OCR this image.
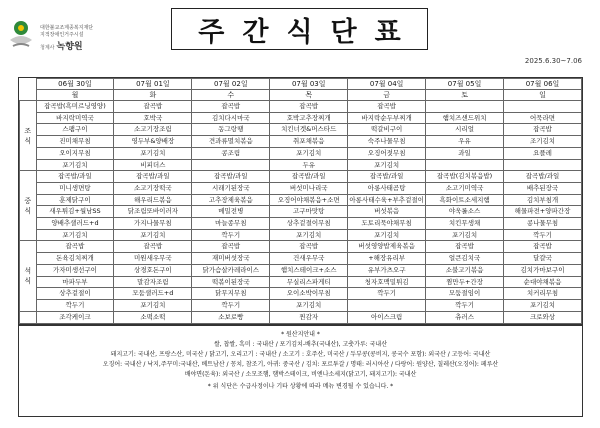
대한불교조계종복지재단
지적장애인거주시설
청계사 녹향원	주간식단표
2025.6.30~7.06
	06월 30일	07월 01일	07월 02일	07월 03일	07월 04일	07월 05일	07월 06일
	월	화	수	목	금	토	일

조
식	잡곡밥(흑미르닝영양)	잡곡밥	잡곡밥	잡곡밥	잡곡밥		
	바지락미역국	호박국	김치다시마국	호박고추장찌개	바지락순두부찌개	햄치즈샌드위치	어묵라면
	스팸구이	소고기장조림	동그랑땡	치킨너겟&머스타드	떡갈비구이	시리얼	잡곡밥
	진미채무침	영두부&양배장	견과류멸치볶음	취포채볶음	숙주나물무침	우유	조기김치
	오이지무침	포기김치	콩조림	포기김치	오징어젓무침	과일	요플레
	포기김치	비피더스		두유	포기김치		

중
식	잡곡밥/과일	잡곡밥/과일	잡곡밥/과일	잡곡밥/과일	잡곡밥/과일	잡곡밥(김치볶음밥)	잡곡밥/과일
	미니생면탕	소고기장떡국	시래기된장국	버섯미나리국	아롱사태곰탕	소고기미역국	배추된장국
	훈제닭구이	해우리드볶음	고추장제육볶음	오징어야채볶음+소면	아롱사태수육+부추겉절이	흑화이트소세지햄	김치부침개
	새우튀김+월남SS	닭조림또바이러자	메밀전병	고구마맛탕	버섯볶음	야욱롤소스	해물파전+양파간장
	양배추샐러드+d	가지나물무침	마늘종무침	상추겉절이무침	도토리묵야채무침	치킨무생채	콩나물무침
	포기김치	포기김치	깍두기	포기김치	포기김치	포기김치	깍두기

석
식	잡곡밥	잡곡밥	잡곡밥	잡곡밥	버섯영양밥제육볶음	잡곡밥	잡곡밥
	돈육김치찌개	미원새우무국	재미버섯장국	건새우무국	+해장유리부	얼큰김치국	달걀국
	가자미생선구이	상경호돈구이	닭가슴살카레라이스	햄치스테이크+소스	유부가츠오구	소불고기볶음	김치가마보구이
	마파두부	말감자조림	떡볶이된장국	무실리스파게티	청자호맥밀튀김	찜만두+간장	순대야채볶음
	상추겉절이	모둠샐러드+d	닭무지무침	오이소박이무침	깍두기	모둠절임이	치커리무침
	깍두기	포기김치	깍두기	포기김치		깍두기	포기김치
	조각케이크	소떡소떡	소보로빵	찐감자	아이스크림	츄러스	크로와상
* 원산지안내 *
쌀, 찹쌀, 흑미 : 국내산 / 포기김치-배추(국내산), 고춧가루: 국내산
돼지고기: 국내산, 프랑스산, 미국산 / 닭고기, 오리고기 : 국내산 / 소고기 : 호주산, 미국산 / 두부콩(콩비지, 콩국수 포함): 외국산 / 고등어: 국내산
오징어: 국내산 / 낙지,주꾸미:국내산, 베트남산 / 꽁치, 참조기, 아귀: 중국산 / 김치: 포르투갈 / 명태: 러시아산 / 다랑어: 원양산, 칠레산(오징어): 페루산
배야면(돈육): 외국산 / 소모조햄, 햄박스테이크, 비엔나소세지(닭고기, 돼지고기): 국내산
* 위 식단은 수급사정이나 기타 상황에 따라 메뉴 변경될 수 있습니다. *
